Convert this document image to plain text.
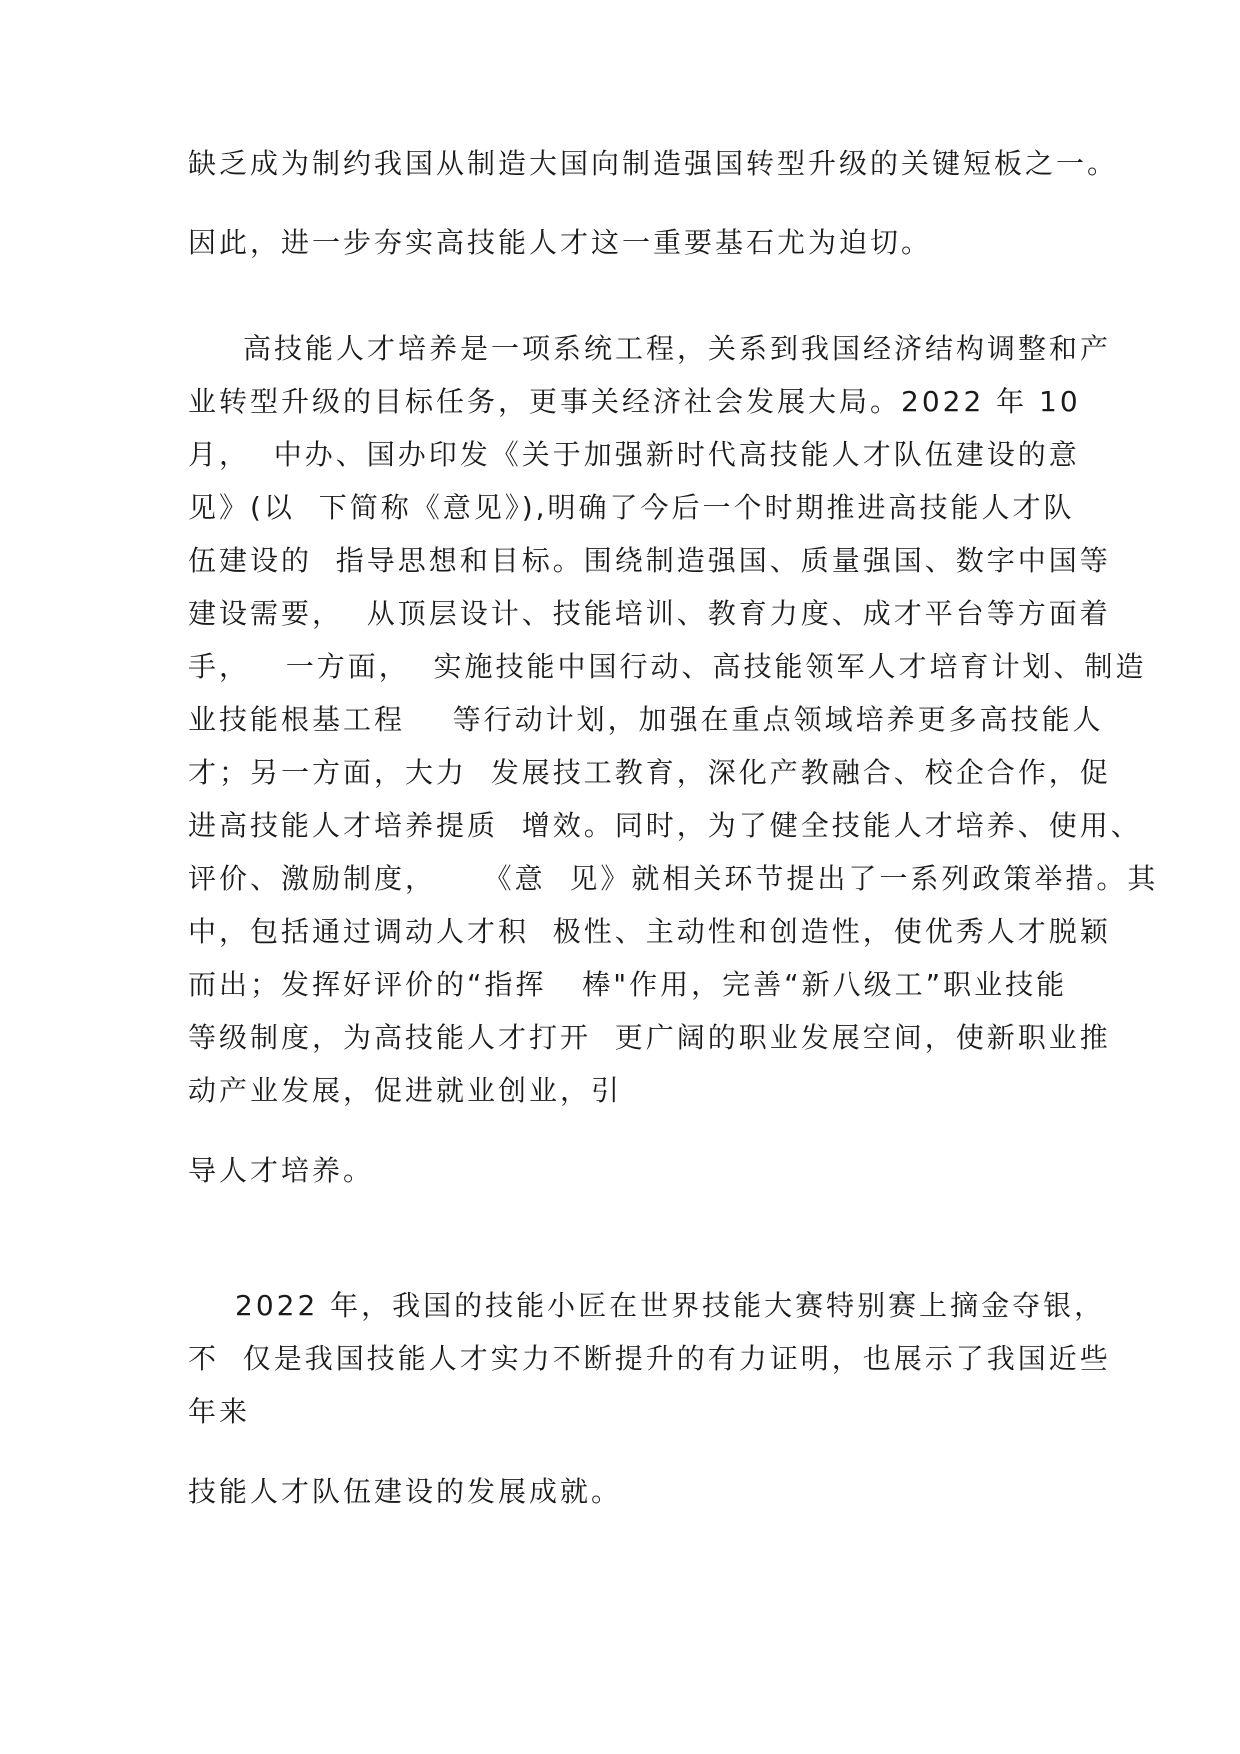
缺乏成为制约我国从制造大国向制造强国转型升级的关键短板之一。
因此，进一步夯实高技能人才这一重要基石尤为迫切。
高技能人才培养是一项系统工程，关系到我国经济结构调整和产
业转型升级的目标任务，更事关经济社会发展大局。2022 年 10
月，  中办、国办印发《关于加强新时代高技能人才队伍建设的意
见》(以  下简称《意见》),明确了今后一个时期推进高技能人才队
伍建设的  指导思想和目标。围绕制造强国、质量强国、数字中国等
建设需要，  从顶层设计、技能培训、教育力度、成才平台等方面着
手，   一方面，  实施技能中国行动、高技能领军人才培育计划、制造
业技能根基工程    等行动计划，加强在重点领域培养更多高技能人
才；另一方面，大力  发展技工教育，深化产教融合、校企合作，促
进高技能人才培养提质  增效。同时，为了健全技能人才培养、使用、
评价、激励制度，    《意  见》就相关环节提出了一系列政策举措。其
中，包括通过调动人才积  极性、主动性和创造性，使优秀人才脱颖
而出；发挥好评价的“指挥   棒"作用，完善“新八级工”职业技能
等级制度，为高技能人才打开  更广阔的职业发展空间，使新职业推
动产业发展，促进就业创业，引
导人才培养。
2022 年，我国的技能小匠在世界技能大赛特别赛上摘金夺银，
不  仅是我国技能人才实力不断提升的有力证明，也展示了我国近些
年来
技能人才队伍建设的发展成就。
